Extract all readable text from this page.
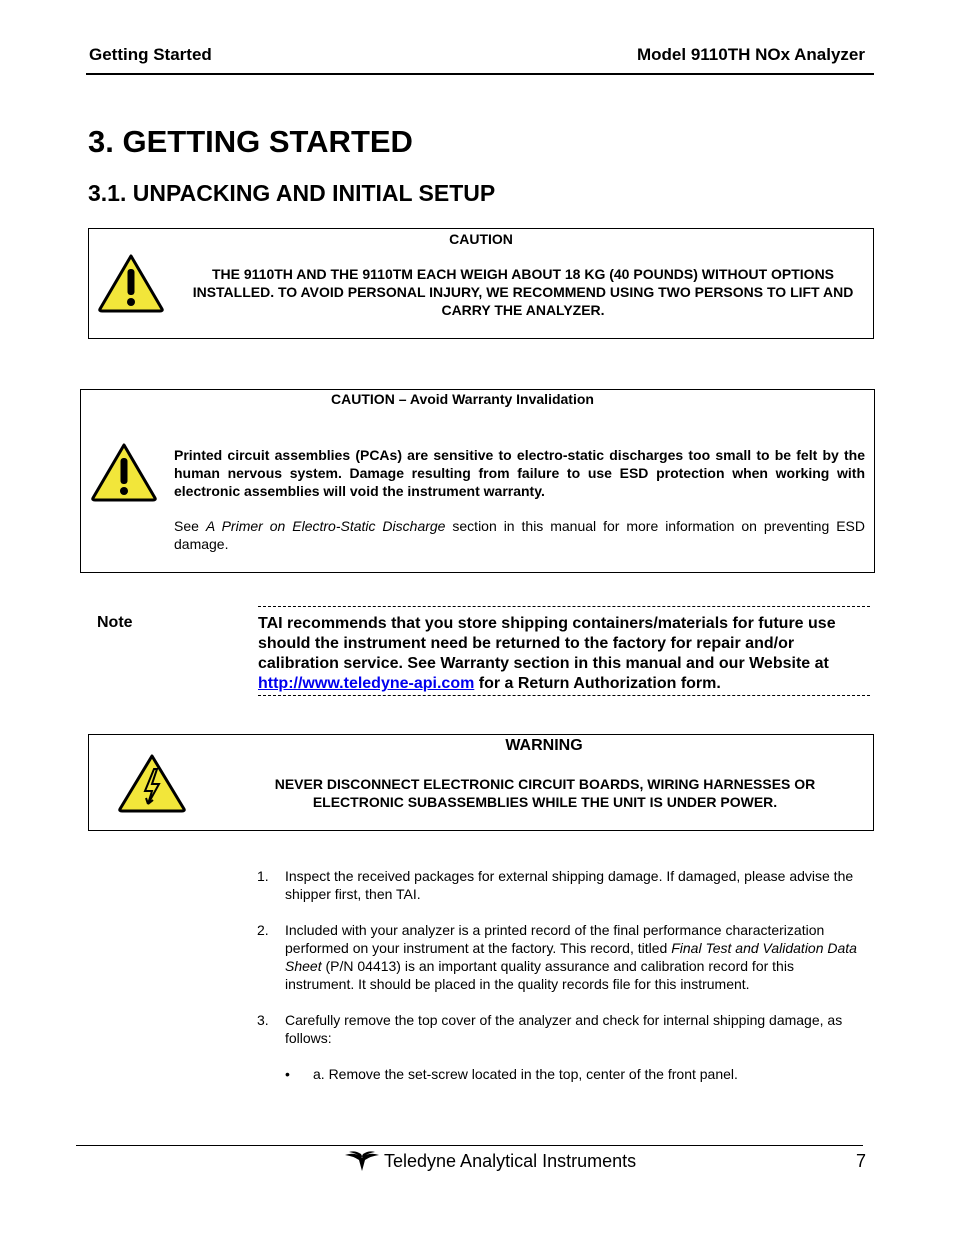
Getting Started	Model 9110TH NOx Analyzer
3. GETTING STARTED
3.1. UNPACKING AND INITIAL SETUP
CAUTION
THE 9110TH AND THE 9110TM EACH WEIGH ABOUT 18 KG (40 POUNDS) WITHOUT OPTIONS INSTALLED. TO AVOID PERSONAL INJURY, WE RECOMMEND USING TWO PERSONS TO LIFT AND CARRY THE ANALYZER.
CAUTION – Avoid Warranty Invalidation
Printed circuit assemblies (PCAs) are sensitive to electro-static discharges too small to be felt by the human nervous system. Damage resulting from failure to use ESD protection when working with electronic assemblies will void the instrument warranty.
See A Primer on Electro-Static Discharge section in this manual for more information on preventing ESD damage.
Note	TAI recommends that you store shipping containers/materials for future use should the instrument need be returned to the factory for repair and/or calibration service. See Warranty section in this manual and our Website at http://www.teledyne-api.com for a Return Authorization form.
WARNING
NEVER DISCONNECT ELECTRONIC CIRCUIT BOARDS, WIRING HARNESSES OR ELECTRONIC SUBASSEMBLIES WHILE THE UNIT IS UNDER POWER.
1. Inspect the received packages for external shipping damage. If damaged, please advise the shipper first, then TAI.
2. Included with your analyzer is a printed record of the final performance characterization performed on your instrument at the factory. This record, titled Final Test and Validation Data Sheet (P/N 04413) is an important quality assurance and calibration record for this instrument. It should be placed in the quality records file for this instrument.
3. Carefully remove the top cover of the analyzer and check for internal shipping damage, as follows:
• a. Remove the set-screw located in the top, center of the front panel.
Teledyne Analytical Instruments	7
